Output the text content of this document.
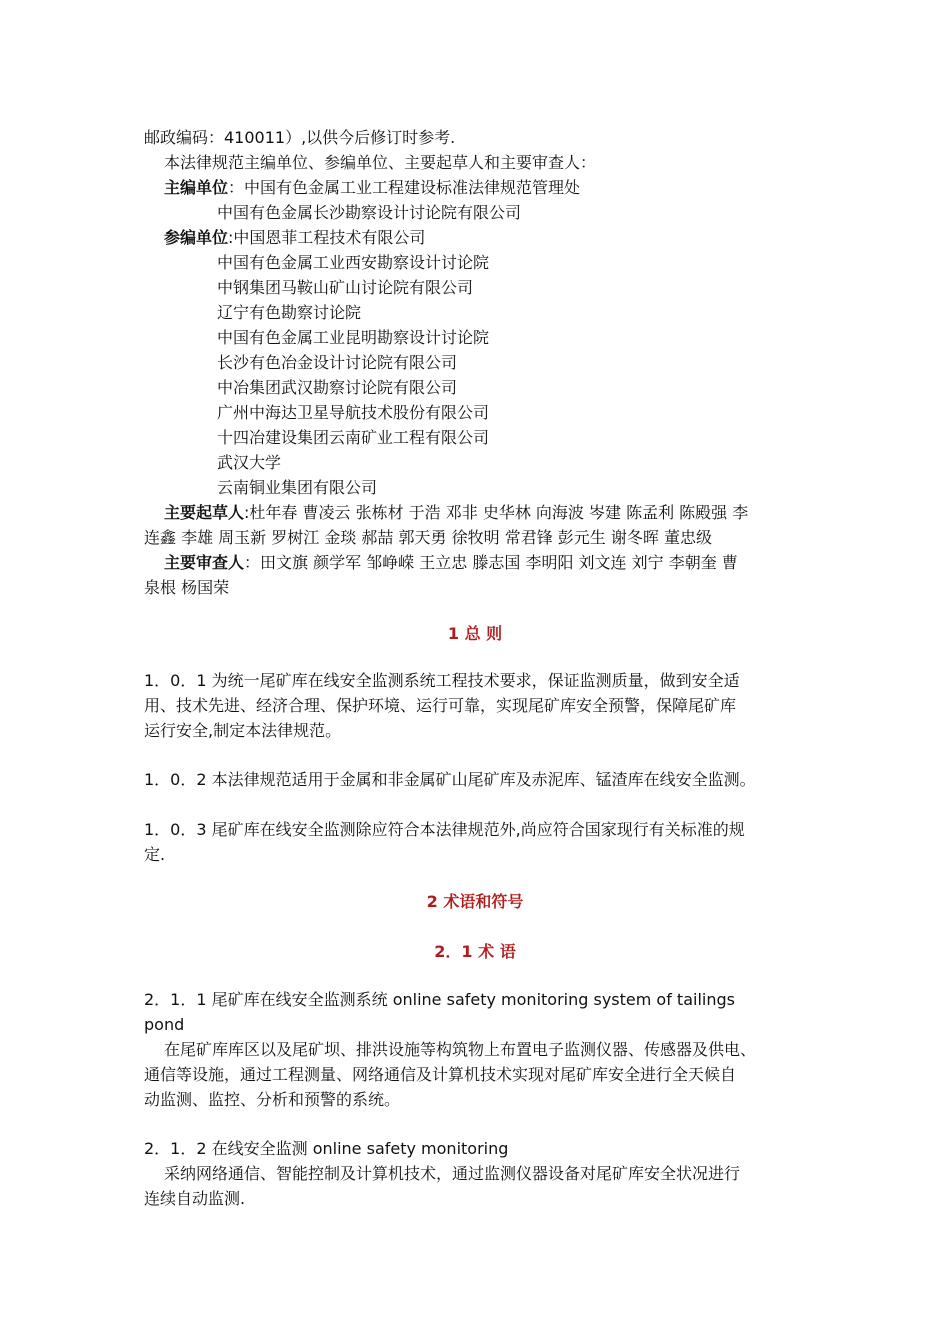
邮政编码：410011）,以供今后修订时参考.
本法律规范主编单位、参编单位、主要起草人和主要审查人：
主编单位：中国有色金属工业工程建设标准法律规范管理处
中国有色金属长沙勘察设计讨论院有限公司
参编单位:中国恩菲工程技术有限公司
中国有色金属工业西安勘察设计讨论院
中钢集团马鞍山矿山讨论院有限公司
辽宁有色勘察讨论院
中国有色金属工业昆明勘察设计讨论院
长沙有色冶金设计讨论院有限公司
中冶集团武汉勘察讨论院有限公司
广州中海达卫星导航技术股份有限公司
十四冶建设集团云南矿业工程有限公司
武汉大学
云南铜业集团有限公司
主要起草人:杜年春 曹凌云 张栋材 于浩 邓非 史华林 向海波 岑建 陈孟利 陈殿强 李
连鑫 李雄 周玉新 罗树江 金琰 郝喆 郭天勇 徐牧明 常君锋 彭元生 谢冬晖 董忠级
主要审查人：田文旗 颜学军 邹峥嵘 王立忠 滕志国 李明阳 刘文连 刘宁 李朝奎 曹
泉根 杨国荣
1 总 则
1．0．1 为统一尾矿库在线安全监测系统工程技术要求，保证监测质量，做到安全适
用、技术先进、经济合理、保护环境、运行可靠，实现尾矿库安全预警，保障尾矿库
运行安全,制定本法律规范。
1．0．2 本法律规范适用于金属和非金属矿山尾矿库及赤泥库、锰渣库在线安全监测。
1．0．3 尾矿库在线安全监测除应符合本法律规范外,尚应符合国家现行有关标准的规
定.
2 术语和符号
2．1 术 语
2．1．1 尾矿库在线安全监测系统 online safety monitoring system of tailings
pond
在尾矿库库区以及尾矿坝、排洪设施等构筑物上布置电子监测仪器、传感器及供电、
通信等设施，通过工程测量、网络通信及计算机技术实现对尾矿库安全进行全天候自
动监测、监控、分析和预警的系统。
2．1．2 在线安全监测 online safety monitoring
采纳网络通信、智能控制及计算机技术，通过监测仪器设备对尾矿库安全状况进行
连续自动监测.
